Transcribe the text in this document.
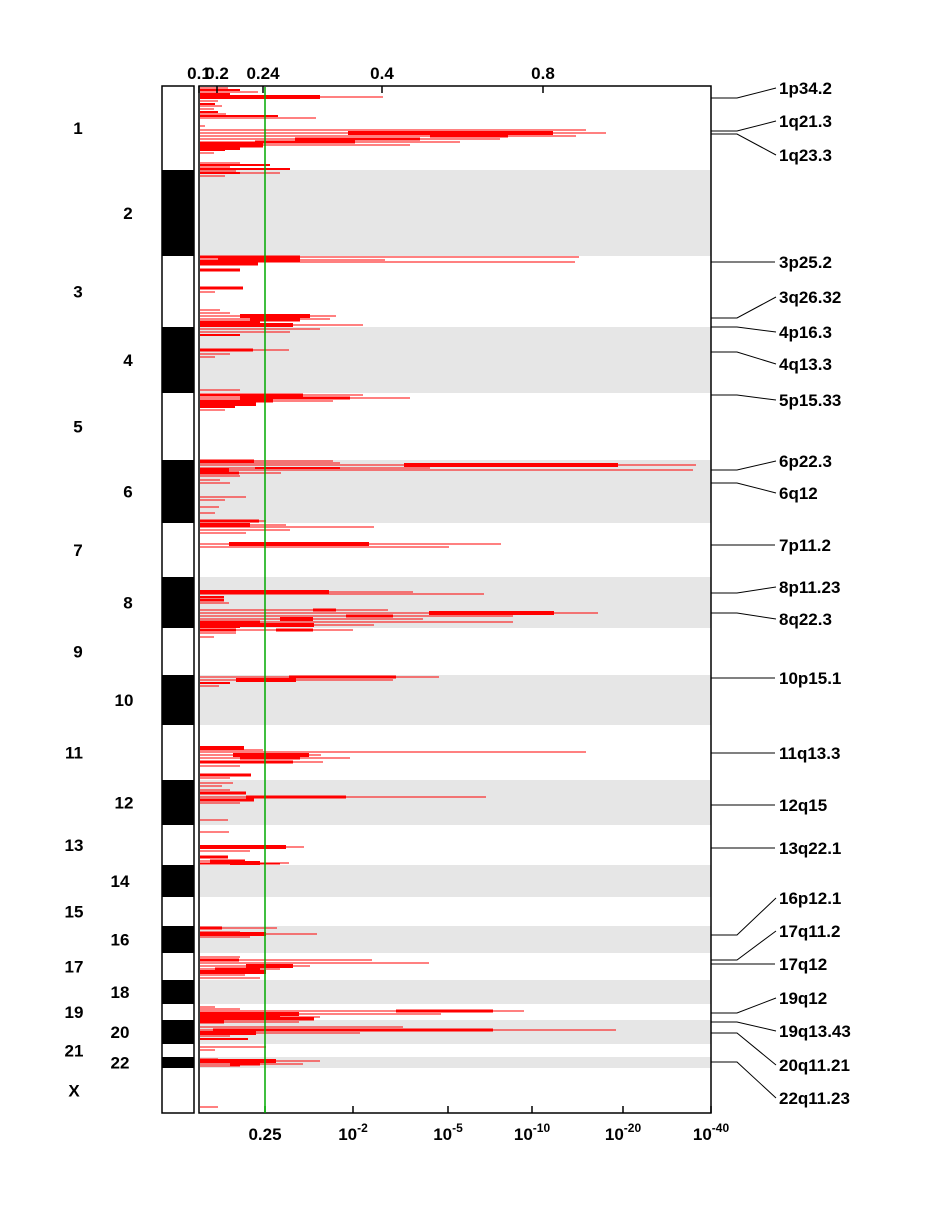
1
2
3
4
5
6
7
8
9
10
11
12
13
14
15
16
17
18
19
20
21
22
X
0.1
0.2 0.24	0.4	0.8
0.25	$10^{-2}$	$10^{-5}$	$10^{-10}$	$10^{-20}$	$10^{-40}$
1p34.2
1q21.3
1q23.3
3p25.2
3q26.32
4p16.3
4q13.3
5p15.33
6p22.3
6q12
7p11.2
8p11.23
8q22.3
10p15.1
11q13.3
12q15
13q22.1
16p12.1
17q11.2
17q12
19q12
19q13.43
20q11.21
22q11.23
